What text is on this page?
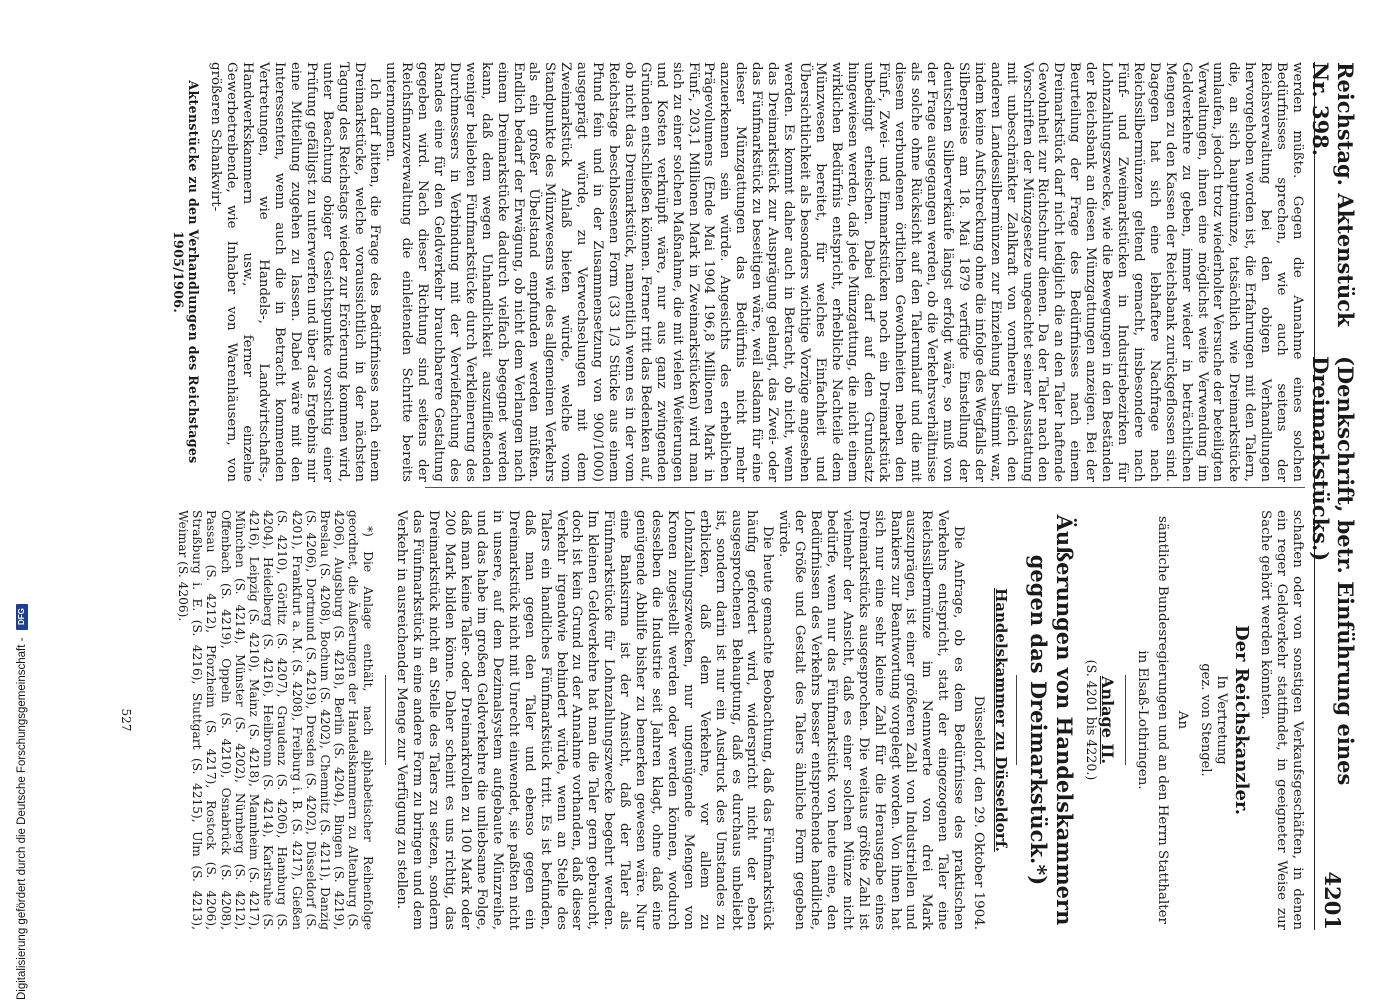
Reichstag. Aktenstück Nr. 398.
(Denkschrift, betr. Einführung eines Dreimarkstücks.)
4201

werden müßte. Gegen die Annahme eines solchen Bedürfnisses sprechen, wie auch seitens der Reichsverwaltung bei den obigen Verhandlungen hervorgehoben worden ist, die Erfahrungen mit den Talern, die, an sich hauptmünze, tatsächlich wie Dreimarkstücke umlaufen, jedoch trotz wiederholter Versuche der beteiligten Verwaltungen, ihnen eine möglichst weite Verwendung im Geldverkehre zu geben, immer wieder in beträchtlichen Mengen zu den Kassen der Reichsbank zurückgeflossen sind. Dagegen hat sich eine lebhaftere Nachfrage nach Reichssilbermünzen geltend gemacht, insbesondere nach Fünf- und Zweimarkstücken in Industriebezirken für Lohnzahlungszwecke, wie die Bewegungen in den Beständen der Reichsbank an diesen Münzgattungen anzeigen. Bei der Beurteilung der Frage des Bedürfnisses nach einem Dreimarkstück darf nicht lediglich die an den Taler haftende Gewohnheit zur Richtschnur dienen. Da der Taler nach den Vorschriften der Münzgesetze ungeachtet seiner Ausstattung mit unbeschränkter Zahlkraft von vornherein gleich den anderen Landessilbermünzen zur Einziehung bestimmt war, indem keine Aufschreckung ohne die infolge des Wegfalls der Silberpreise am 18. Mai 1879 verfügte Einstellung der deutschen Silberverkäufe längst erfolgt wäre, so muß von der Frage ausgegangen werden, ob die Verkehrsverhältnisse als solche ohne Rücksicht auf den Talerumlauf und die mit diesem verbundenen örtlichen Gewohnheiten neben den Fünf-, Zwei- und Einmarkstücken noch ein Dreimarkstück unbedingt erheischen. Dabei darf auf den Grundsatz hingewiesen werden, daß jede Münzgattung, die nicht einem wirklichen Bedürfnis entspricht, erhebliche Nachteile dem Münzwesen bereitet, für welches Einfachheit und Übersichtlichkeit als besonders wichtige Vorzüge angesehen werden. Es kommt daher auch in Betracht, ob nicht, wenn das Dreimarkstück zur Ausprägung gelangt, das Zwei- oder das Fünfmarkstück zu beseitigen wäre, weil alsdann für eine dieser Münzgattungen das Bedürfnis nicht mehr anzuerkennen sein würde. Angesichts des erheblichen Prägevolumens (Ende Mai 1904 196,8 Millionen Mark in Fünf-, 203,1 Millionen Mark in Zweimarkstücken) wird man sich zu einer solchen Maßnahme, die mit vielen Weiterungen und Kosten verknüpft wäre, nur aus ganz zwingenden Gründen entschließen können. Ferner tritt das Bedenken auf, ob nicht das Dreimarkstück, namentlich wenn es in der vom Reichstage beschlossenen Form (33 1/3 Stücke aus einem Pfund fein und in der Zusammensetzung von 900/1000) ausgeprägt würde, zu Verwechselungen mit dem Zweimarkstück Anlaß bieten würde, welche vom Standpunkte des Münzwesens wie des allgemeinen Verkehrs als ein großer Übelstand empfunden werden müßten. Endlich bedarf der Erwägung, ob nicht dem Verlangen nach einem Dreimarkstücke dadurch vielfach begegnet werden kann, daß dem wegen Unhandlichkeit auszufließenden weniger beliebten Fünfmarkstücke durch Verkleinerung des Durchmessers in Verbindung mit der Vervielfachung des Randes eine für den Geldverkehr brauchbarere Gestaltung gegeben wird. Nach dieser Richtung sind seitens der Reichsfinanzverwaltung die einleitenden Schritte bereits unternommen.

Ich darf bitten, die Frage des Bedürfnisses nach einem Dreimarkstücke, welche voraussichtlich in der nächsten Tagung des Reichstags wieder zur Erörterung kommen wird, unter Beachtung obiger Gesichtspunkte vorsichtig einer Prüfung gefälligst zu unterwerfen und über das Ergebnis mir eine Mitteilung zugehen zu lassen. Dabei wäre mit den Interessenten, wenn auch die in Betracht kommenden Vertretungen, wie Handels-, Landwirtschafts-, Handwerkskammern usw., ferner einzelne Gewerbetreibende, wie Inhaber von Warenhäusern, von größeren Schankwirt-

schaften oder von sonstigen Verkaufsgeschäften, in denen ein reger Geldverkehr stattfindet, in geeigneter Weise zur Sache gehört werden könnten.

Der Reichskanzler.
In Vertretung
gez. von Stengel.
An
sämtliche Bundesregierungen und an den Herrn Statthalter
in Elsaß-Lothringen.
Anlage II.
(S. 4201 bis 4220.)
Äußerungen von Handelskammern gegen das Dreimarkstück.*)
Handelskammer zu Düsseldorf.
Düsseldorf, den 29. Oktober 1904.

Die Anfrage, ob es dem Bedürfnisse des praktischen Verkehrs entspricht, statt der eingezogenen Taler eine Reichssilbermünze im Nennwerte von drei Mark auszuprägen, ist einer größeren Zahl von Industriellen und Bankiers zur Beantwortung vorgelegt worden. Von ihnen hat sich nur eine sehr kleine Zahl für die Herausgabe eines Dreimarkstücks ausgesprochen. Die weitaus größte Zahl ist vielmehr der Ansicht, daß es einer solchen Münze nicht bedürfe, wenn nur das Fünfmarkstück von heute eine, den Bedürfnissen des Verkehrs besser entsprechende handliche, der Größe und Gestalt des Talers ähnliche Form gegeben würde.

Die heute gemachte Beobachtung, daß das Fünfmarkstück häufig gefordert wird, widerspricht nicht der eben ausgesprochenen Behauptung, daß es durchaus unbeliebt ist, sondern darin ist nur ein Ausdruck des Umstandes zu erblicken, daß dem Verkehre, vor allem zu Lohnzahlungszwecken, nur ungenügende Mengen von Kronen zugestellt werden oder werden können, wodurch desselben die Industrie seit Jahren klagt, ohne daß eine genügende Abhilfe bisher zu bemerken gewesen wäre. Nur eine Banksirma ist der Ansicht, daß der Taler als Fünfmarkstücke für Lohnzahlungszwecke begehrt werden. Im kleinen Geldverkehre hat man die Taler gern gebraucht, doch ist kein Grund zu der Annahme vorhanden, daß dieser Verkehr irgendwie behindert würde, wenn an Stelle des Talers ein handliches Fünfmarkstück tritt. Es ist befunden, daß man gegen den Taler und ebenso gegen ein Dreimarkstück nicht mit Unrecht einwendet, sie paßten nicht in unsere, auf dem Dezimalsystem aufgebaute Münzreihe, und das habe im großen Geldverkehre die unliebsame Folge, daß man keine Taler- oder Dreimarkrollen zu 100 Mark oder 200 Mark bilden könne. Daher scheint es uns richtig, das Dreimarkstück nicht an Stelle des Talers zu setzen, sondern das Fünfmarkstück in eine andere Form zu bringen und dem Verkehr in ausreichender Menge zur Verfügung zu stellen.

*) Die Anlage enthält, nach alphabetischer Reihenfolge geordnet, die Äußerungen der Handelskammern zu Altenburg (S. 4206), Augsburg (S. 4218), Berlin (S. 4204), Bingen (S. 4219), Breslau (S. 4208), Bochum (S. 4202), Chemnitz (S. 4211), Danzig (S. 4206), Dortmund (S. 4219), Dresden (S. 4202), Düsseldorf (S. 4201), Frankfurt a. M. (S. 4208), Freiburg i. B. (S. 4217), Gießen (S. 4210), Görlitz (S. 4207), Graudenz (S. 4206), Hamburg (S. 4204), Heidelberg (S. 4216), Heilbronn (S. 4214), Karlsruhe (S. 4216), Leipzig (S. 4210), Mainz (S. 4218), Mannheim (S. 4217), München (S. 4214), Münster (S. 4202), Nürnberg (S. 4212), Offenbach (S. 4219), Oppeln (S. 4210), Osnabrück (S. 4208), Passau (S. 4212), Pforzheim (S. 4217), Rostock (S. 4206), Straßburg i. E. (S. 4216), Stuttgart (S. 4215), Ulm (S. 4213), Weimar (S. 4206).

Aktenstücke zu den Verhandlungen des Reichstages 1905/1906.
527
Digitalisierung gefördert durch die Deutsche Forschungsgemeinschaft -
DFG
